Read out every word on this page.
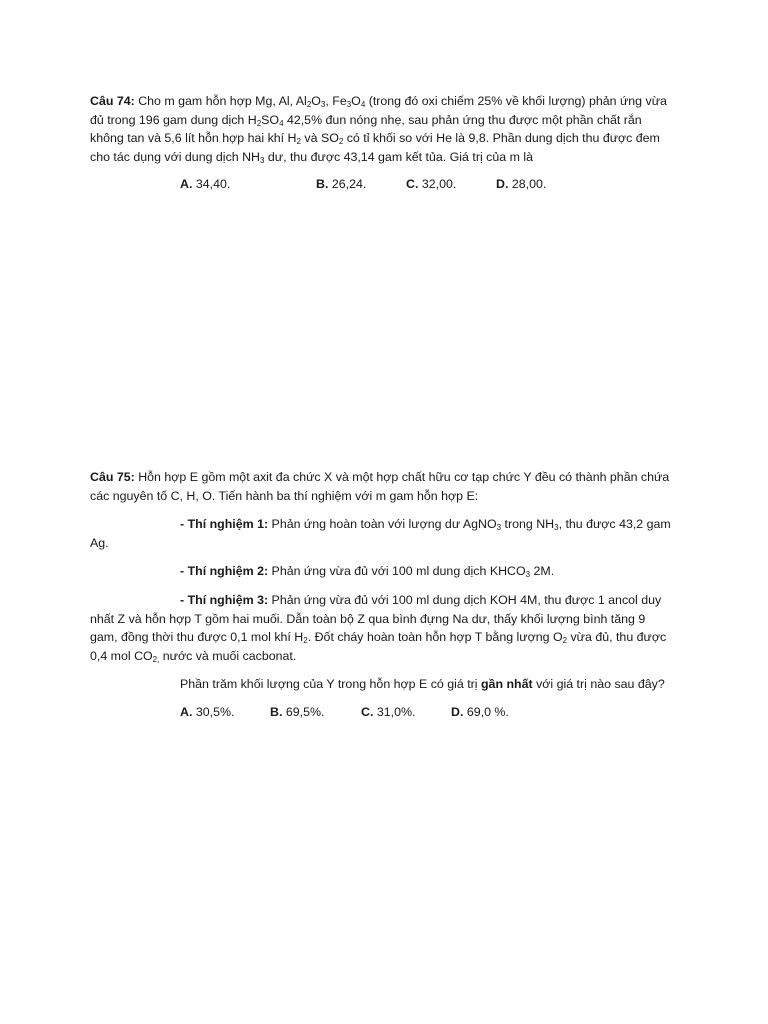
Câu 74: Cho m gam hỗn hợp Mg, Al, $Al_2O_3$, $Fe_3O_4$ (trong đó oxi chiếm 25% về khối lượng) phản ứng vừa đủ trong 196 gam dung dịch $H_2SO_4$ 42,5% đun nóng nhẹ, sau phản ứng thu được một phần chất rắn không tan và 5,6 lít hỗn hợp hai khí $H_2$ và $SO_2$ có tỉ khối so với He là 9,8. Phần dung dịch thu được đem cho tác dụng với dung dịch $NH_3$ dư, thu được 43,14 gam kết tủa. Giá trị của m là

A. 34,40.	B. 26,24.	C. 32,00.	D. 28,00.

Câu 75: Hỗn hợp E gồm một axit đa chức X và một hợp chất hữu cơ tạp chức Y đều có thành phần chứa các nguyên tố C, H, O. Tiến hành ba thí nghiệm với m gam hỗn hợp E:

- Thí nghiệm 1: Phản ứng hoàn toàn với lượng dư AgNO$_3$ trong $NH_3$, thu được 43,2 gam Ag.

- Thí nghiệm 2: Phản ứng vừa đủ với 100 ml dung dịch $KHCO_3$ 2M.

- Thí nghiệm 3: Phản ứng vừa đủ với 100 ml dung dịch KOH 4M, thu được 1 ancol duy nhất Z và hỗn hợp T gồm hai muối. Dẫn toàn bộ Z qua bình đựng Na dư, thấy khối lượng bình tăng 9 gam, đồng thời thu được 0,1 mol khí $H_2$. Đốt cháy hoàn toàn hỗn hợp T bằng lượng $O_2$ vừa đủ, thu được 0,4 mol $CO_{2,}$ nước và muối cacbonat.

Phần trăm khối lượng của Y trong hỗn hợp E có giá trị gần nhất với giá trị nào sau đây?

A. 30,5%.	B. 69,5%.	C. 31,0%.	D. 69,0 %.
